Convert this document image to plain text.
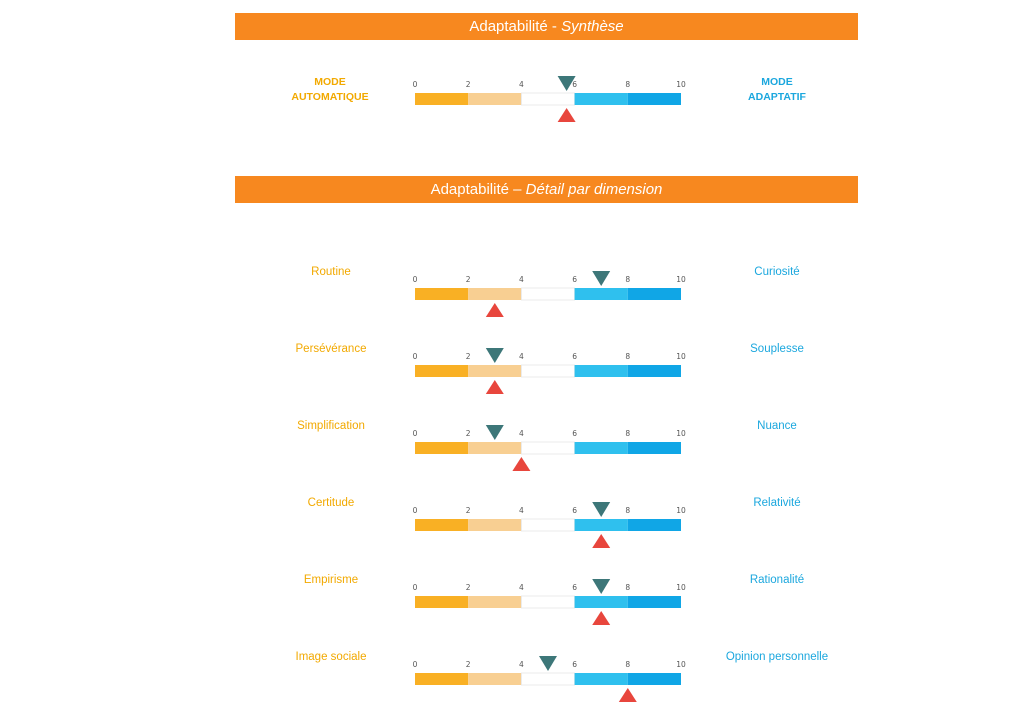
Adaptabilité - Synthèse
MODE
AUTOMATIQUE
MODE
ADAPTATIF
Adaptabilité – Détail par dimension
Routine	Curiosité
Persévérance	Souplesse
Simplification	Nuance
Certitude	Relativité
Empirisme	Rationalité
Image sociale	Opinion personnelle
0	2	4	6	8	10
0	2	4	6	8	10
0	2	4	6	8	10
0	2	4	6	8	10
0	2	4	6	8	10
0	2	4	6	8	10
0	2	4	6	8	10
